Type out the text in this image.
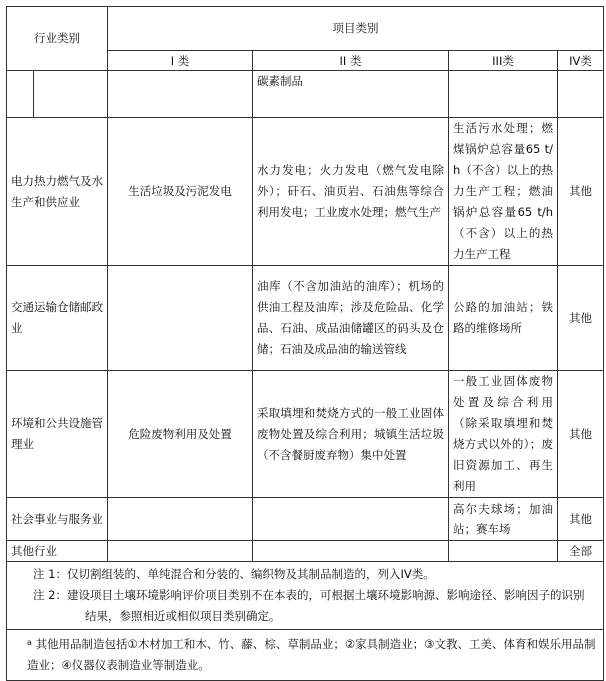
行业类别		项目类别			
		I 类	II 类	III类	IV类
			碳素制品		
电力热力燃气及水生产和供应业		生活垃圾及污泥发电	水力发电；火力发电（燃气发电除外）；矸石、油页岩、石油焦等综合利用发电；工业废水处理；燃气生产	生活污水处理；燃煤锅炉总容量65 t/h（不含）以上的热力生产工程；燃油锅炉总容量65 t/h（不含）以上的热力生产工程	其他
交通运输仓储邮政业			油库（不含加油站的油库）；机场的供油工程及油库；涉及危险品、化学品、石油、成品油储罐区的码头及仓储；石油及成品油的输送管线	公路的加油站；铁路的维修场所	其他
环境和公共设施管理业		危险废物利用及处置	采取填埋和焚烧方式的一般工业固体废物处置及综合利用；城镇生活垃圾（不含餐厨废弃物）集中处置	一般工业固体废物处置及综合利用（除采取填埋和焚烧方式以外的）；废旧资源加工、再生利用	其他
社会事业与服务业				高尔夫球场；加油站；赛车场	其他
其他行业					全部

注 1：仅切割组装的、单纯混合和分装的、编织物及其制品制造的，列入IV类。
注 2：建设项目土壤环境影响评价项目类别不在本表的，可根据土壤环境影响源、影响途径、影响因子的识别结果，参照相近或相似项目类别确定。					

$^a$ 其他用品制造包括①木材加工和木、竹、藤、棕、草制品业；②家具制造业；③文教、工美、体育和娱乐用品制造业；④仪器仪表制造业等制造业。					
